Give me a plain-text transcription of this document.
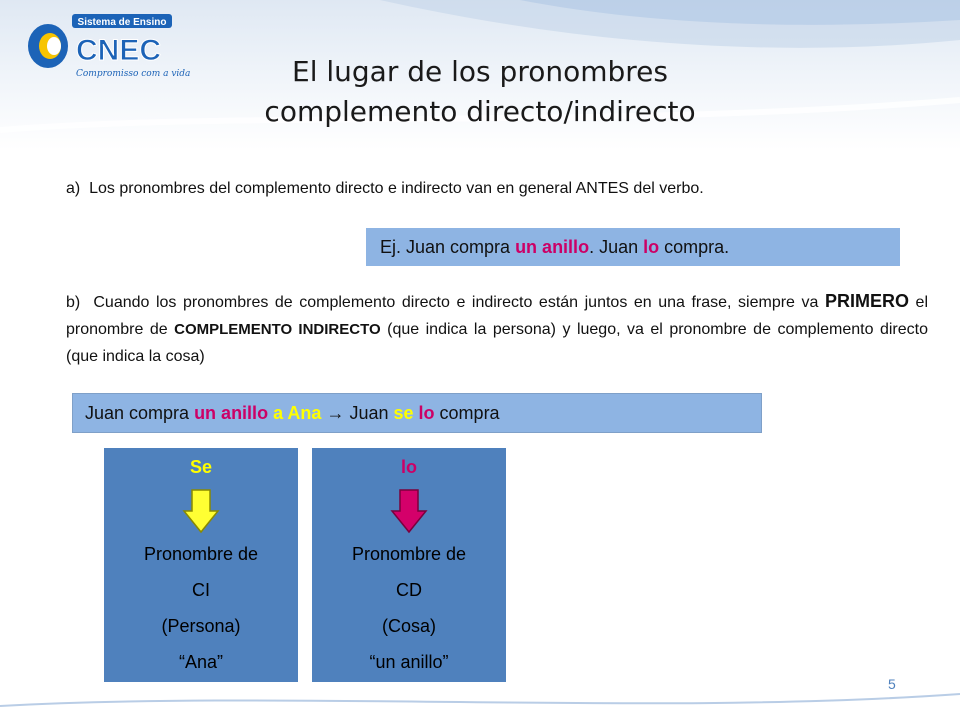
Sistema de Ensino
CNEC
Compromisso com a vida	El lugar de los pronombres
complemento directo/indirecto
a) Los pronombres del complemento directo e indirecto van en general ANTES del verbo.
Ej. Juan compra un anillo. Juan lo compra.
b) Cuando los pronombres de complemento directo e indirecto están juntos en una frase, siempre va PRIMERO el pronombre de COMPLEMENTO INDIRECTO (que indica la persona) y luego, va el pronombre de complemento directo (que indica la cosa)
Juan compra un anillo a Ana → Juan se lo compra
Se
Pronombre de
CI
(Persona)
“Ana”
lo
Pronombre de
CD
(Cosa)
“un anillo”
5
